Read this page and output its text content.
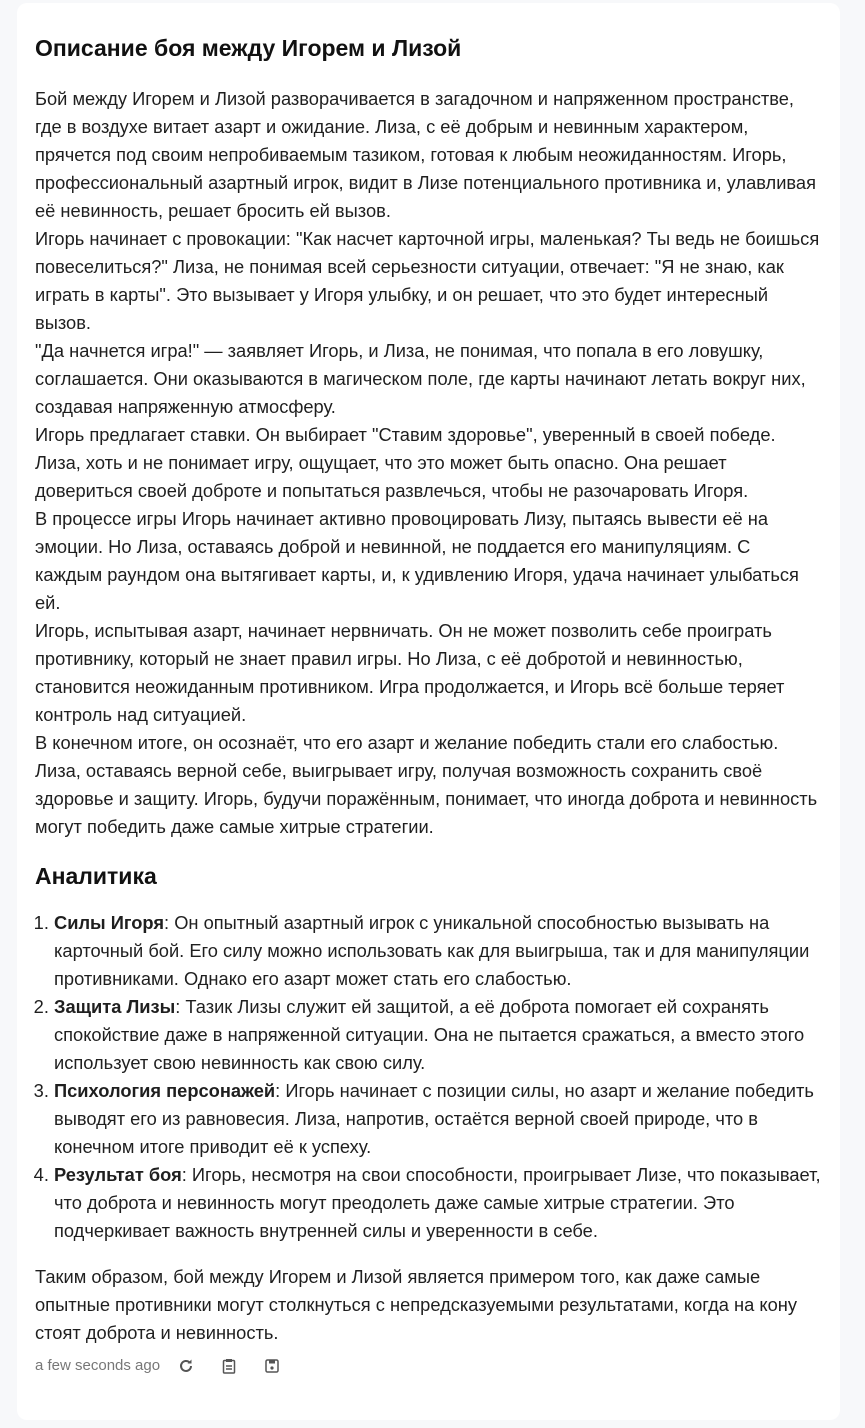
Описание боя между Игорем и Лизой

Бой между Игорем и Лизой разворачивается в загадочном и напряженном пространстве, где в воздухе витает азарт и ожидание. Лиза, с её добрым и невинным характером, прячется под своим непробиваемым тазиком, готовая к любым неожиданностям. Игорь, профессиональный азартный игрок, видит в Лизе потенциального противника и, улавливая её невинность, решает бросить ей вызов.

Игорь начинает с провокации: "Как насчет карточной игры, маленькая? Ты ведь не боишься повеселиться?" Лиза, не понимая всей серьезности ситуации, отвечает: "Я не знаю, как играть в карты". Это вызывает у Игоря улыбку, и он решает, что это будет интересный вызов.

"Да начнется игра!" — заявляет Игорь, и Лиза, не понимая, что попала в его ловушку, соглашается. Они оказываются в магическом поле, где карты начинают летать вокруг них, создавая напряженную атмосферу.

Игорь предлагает ставки. Он выбирает "Ставим здоровье", уверенный в своей победе. Лиза, хоть и не понимает игру, ощущает, что это может быть опасно. Она решает довериться своей доброте и попытаться развлечься, чтобы не разочаровать Игоря.

В процессе игры Игорь начинает активно провоцировать Лизу, пытаясь вывести её на эмоции. Но Лиза, оставаясь доброй и невинной, не поддается его манипуляциям. С каждым раундом она вытягивает карты, и, к удивлению Игоря, удача начинает улыбаться ей.

Игорь, испытывая азарт, начинает нервничать. Он не может позволить себе проиграть противнику, который не знает правил игры. Но Лиза, с её добротой и невинностью, становится неожиданным противником. Игра продолжается, и Игорь всё больше теряет контроль над ситуацией.

В конечном итоге, он осознаёт, что его азарт и желание победить стали его слабостью. Лиза, оставаясь верной себе, выигрывает игру, получая возможность сохранить своё здоровье и защиту. Игорь, будучи поражённым, понимает, что иногда доброта и невинность могут победить даже самые хитрые стратегии.

Аналитика
1. Силы Игоря: Он опытный азартный игрок с уникальной способностью вызывать на карточный бой. Его силу можно использовать как для выигрыша, так и для манипуляции противниками. Однако его азарт может стать его слабостью.
2. Защита Лизы: Тазик Лизы служит ей защитой, а её доброта помогает ей сохранять спокойствие даже в напряженной ситуации. Она не пытается сражаться, а вместо этого использует свою невинность как свою силу.
3. Психология персонажей: Игорь начинает с позиции силы, но азарт и желание победить выводят его из равновесия. Лиза, напротив, остаётся верной своей природе, что в конечном итоге приводит её к успеху.
4. Результат боя: Игорь, несмотря на свои способности, проигрывает Лизе, что показывает, что доброта и невинность могут преодолеть даже самые хитрые стратегии. Это подчеркивает важность внутренней силы и уверенности в себе.

Таким образом, бой между Игорем и Лизой является примером того, как даже самые опытные противники могут столкнуться с непредсказуемыми результатами, когда на кону стоят доброта и невинность.

a few seconds ago
